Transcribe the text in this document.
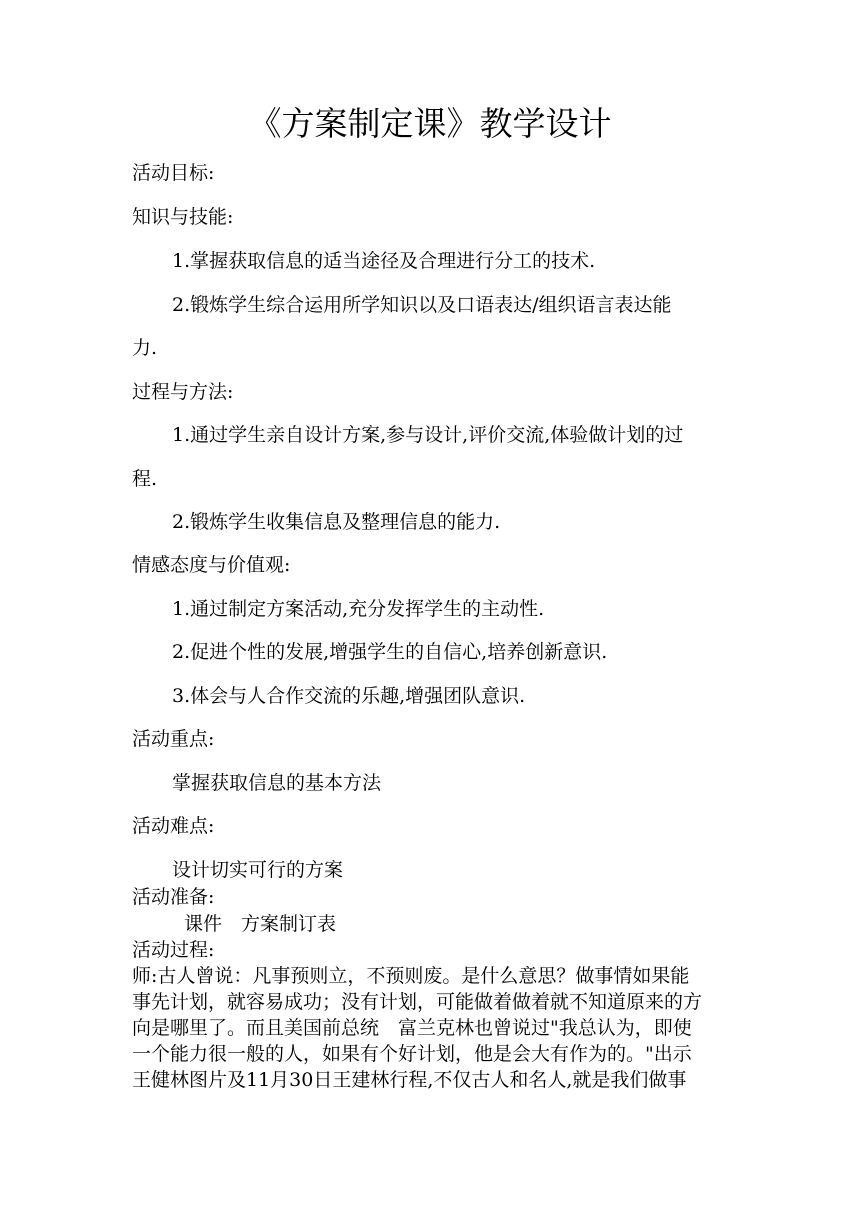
《方案制定课》教学设计
活动目标:
知识与技能:
1.掌握获取信息的适当途径及合理进行分工的技术.
2.锻炼学生综合运用所学知识以及口语表达/组织语言表达能
力.
过程与方法:
1.通过学生亲自设计方案,参与设计,评价交流,体验做计划的过
程.
2.锻炼学生收集信息及整理信息的能力.
情感态度与价值观:
1.通过制定方案活动,充分发挥学生的主动性.
2.促进个性的发展,增强学生的自信心,培养创新意识.
3.体会与人合作交流的乐趣,增强团队意识.
活动重点:
掌握获取信息的基本方法
活动难点:
设计切实可行的方案
活动准备:
课件　方案制订表
活动过程:
师:古人曾说：凡事预则立，不预则废。是什么意思？做事情如果能
事先计划，就容易成功；没有计划，可能做着做着就不知道原来的方
向是哪里了。而且美国前总统　富兰克林也曾说过"我总认为，即使
一个能力很一般的人，如果有个好计划，他是会大有作为的。"出示
王健林图片及11月30日王建林行程,不仅古人和名人,就是我们做事
